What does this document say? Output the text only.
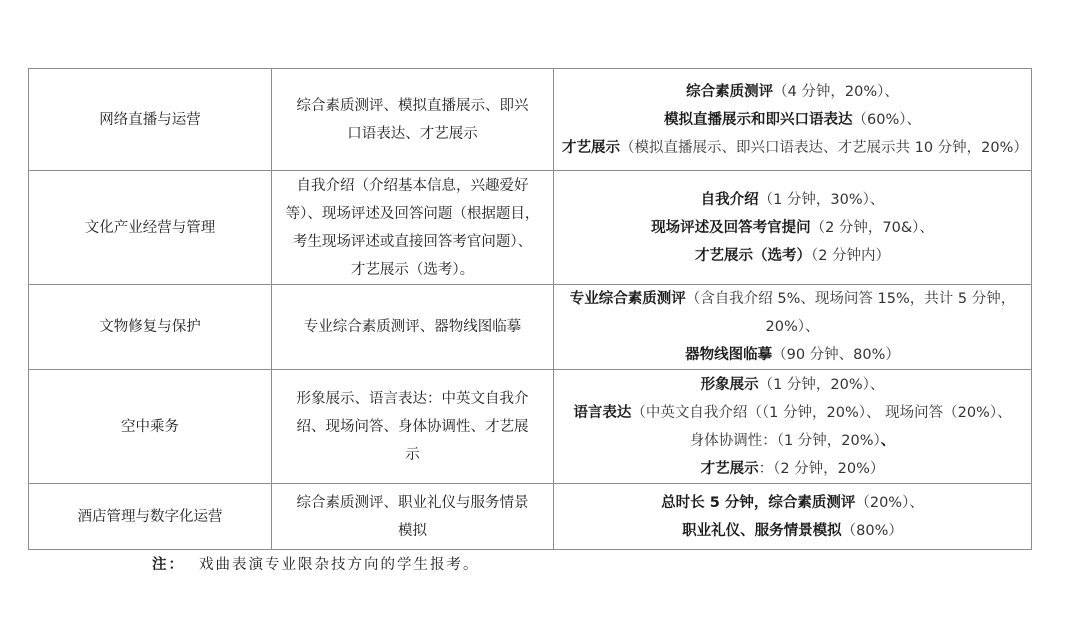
网络直播与运营	综合素质测评、模拟直播展示、即兴
口语表达、才艺展示	综合素质测评（4 分钟，20%）、
模拟直播展示和即兴口语表达（60%）、
才艺展示（模拟直播展示、即兴口语表达、才艺展示共 10 分钟，20%）

文化产业经营与管理	自我介绍（介绍基本信息，兴趣爱好
等）、现场评述及回答问题（根据题目，
考生现场评述或直接回答考官问题）、
才艺展示（选考）。	自我介绍（1 分钟，30%）、
现场评述及回答考官提问（2 分钟，70&）、
才艺展示（选考）（2 分钟内）

文物修复与保护	专业综合素质测评、器物线图临摹	专业综合素质测评（含自我介绍 5%、现场问答 15%，共计 5 分钟，
20%）、
器物线图临摹（90 分钟、80%）

空中乘务	形象展示、语言表达：中英文自我介
绍、现场问答、身体协调性、才艺展
示	形象展示（1 分钟，20%）、
语言表达（中英文自我介绍（（1 分钟，20%）、 现场问答（20%）、
身体协调性：（1 分钟，20%）、
才艺展示：（2 分钟，20%）

酒店管理与数字化运营	综合素质测评、职业礼仪与服务情景
模拟	总时长 5 分钟，综合素质测评（20%）、
职业礼仪、服务情景模拟（80%）
注： 戏曲表演专业限杂技方向的学生报考。
